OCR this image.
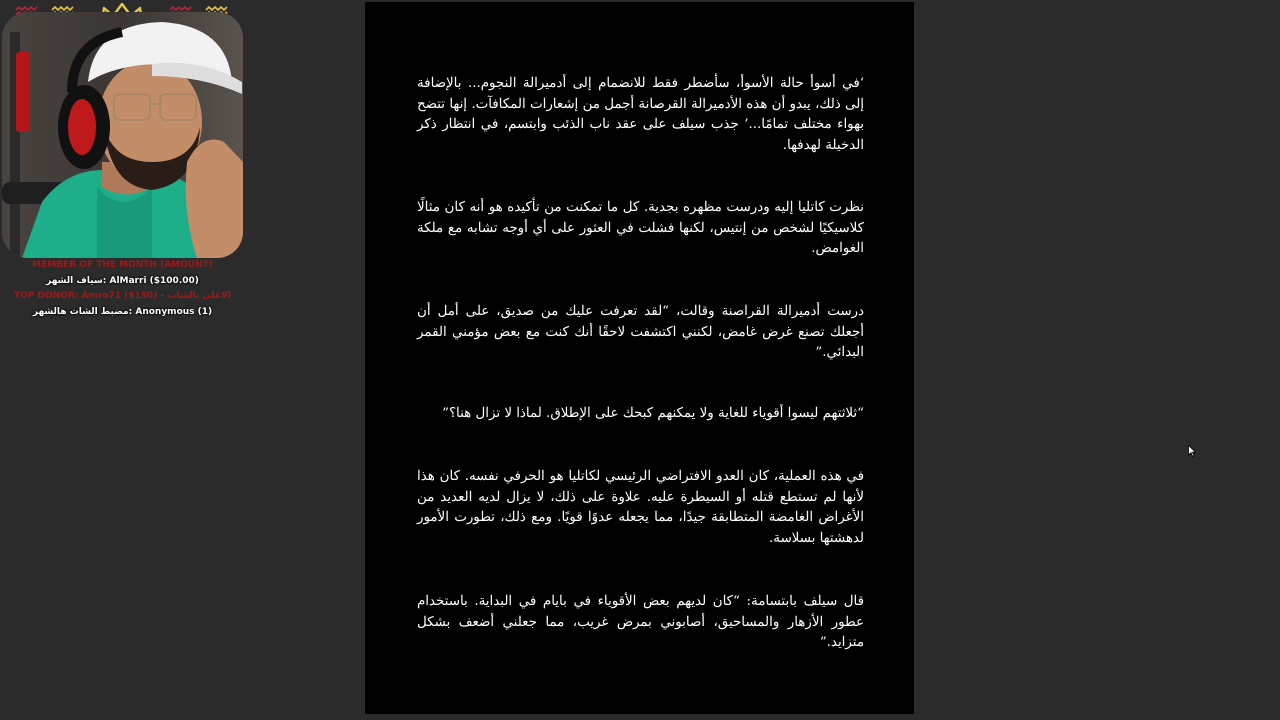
MEMBER OF THE MONTH (AMOUNT)
سياف الشهر: AlMarri ($100.00)
TOP DONOR: Amro71 ($150) - الاعلى بالشات
مضبط الشات هالشهر: Anonymous (1)

‘في أسوأ حالة الأسوأ، سأضطر فقط للانضمام إلى أدميرالة النجوم... بالإضافة إلى ذلك، يبدو أن هذه الأدميرالة القرصانة أجمل من إشعارات المكافآت. إنها تتضح بهواء مختلف تمامًا...’ جذب سيلف على عقد ناب الذئب وابتسم، في انتظار ذكر الدخيلة لهدفها.

نظرت كاتليا إليه ودرست مظهره بجدية. كل ما تمكنت من تأكيده هو أنه كان مثالًا كلاسيكيًا لشخص من إنتيس، لكنها فشلت في العثور على أي أوجه تشابه مع ملكة الغوامض.

درست أدميرالة القراصنة وقالت، “لقد تعرفت عليك من صديق، على أمل أن أجعلك تصنع غرض غامض، لكنني اكتشفت لاحقًا أنك كنت مع بعض مؤمني القمر البدائي.”

“ثلاثتهم ليسوا أقوياء للغاية ولا يمكنهم كبحك على الإطلاق. لماذا لا تزال هنا؟”

في هذه العملية، كان العدو الافتراضي الرئيسي لكاتليا هو الحرفي نفسه. كان هذا لأنها لم تستطع قتله أو السيطرة عليه. علاوة على ذلك، لا يزال لديه العديد من الأغراض الغامضة المتطابقة جيدًا، مما يجعله عدوًا قويًا. ومع ذلك، تطورت الأمور لدهشتها بسلاسة.

قال سيلف بابتسامة: “كان لديهم بعض الأقوياء في بايام في البداية. باستخدام عطور الأزهار والمساحيق، أصابوني بمرض غريب، مما جعلني أضعف بشكل متزايد.”
